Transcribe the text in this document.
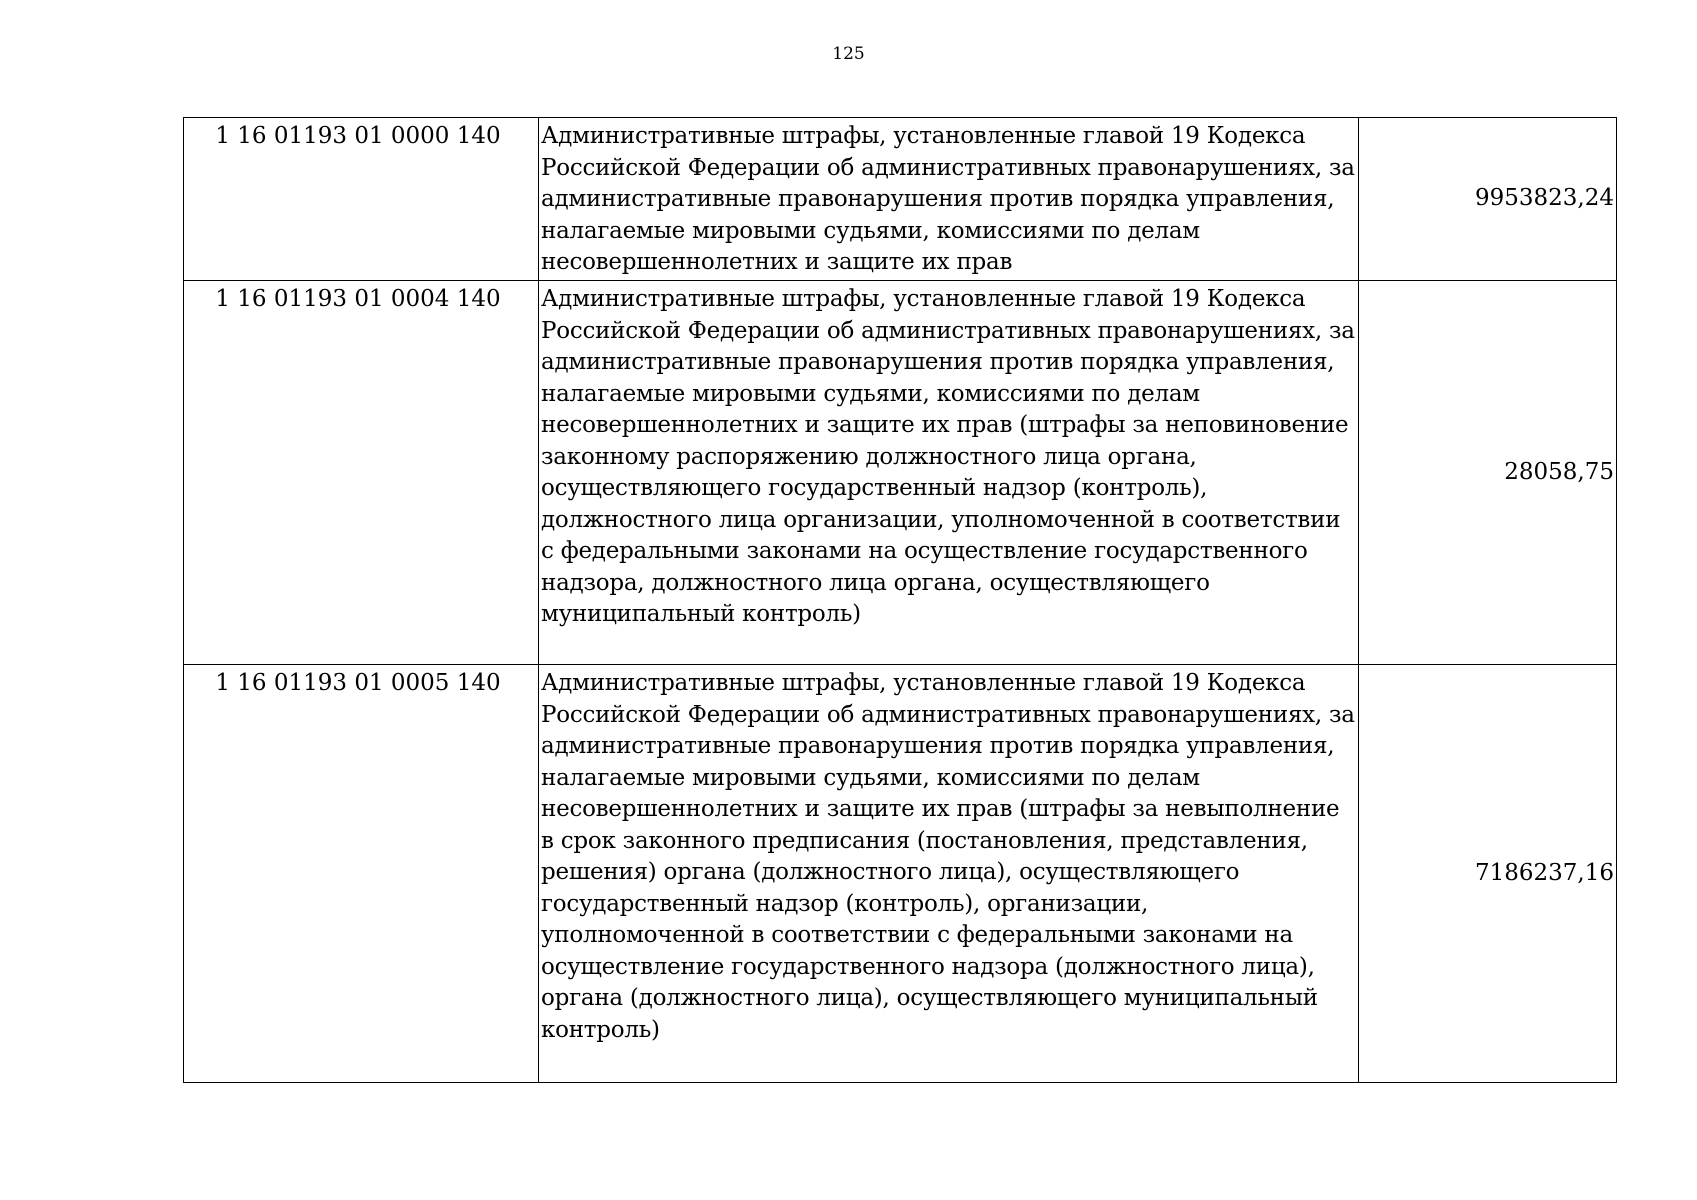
125
1 16 01193 01 0000 140	Административные штрафы, установленные главой 19 Кодекса Российской Федерации об административных правонарушениях, за административные правонарушения против порядка управления, налагаемые мировыми судьями, комиссиями по делам несовершеннолетних и защите их прав	9953823,24
1 16 01193 01 0004 140	Административные штрафы, установленные главой 19 Кодекса Российской Федерации об административных правонарушениях, за административные правонарушения против порядка управления, налагаемые мировыми судьями, комиссиями по делам несовершеннолетних и защите их прав (штрафы за неповиновение законному распоряжению должностного лица органа, осуществляющего государственный надзор (контроль), должностного лица организации, уполномоченной в соответствии с федеральными законами на осуществление государственного надзора, должностного лица органа, осуществляющего муниципальный контроль)	28058,75
1 16 01193 01 0005 140	Административные штрафы, установленные главой 19 Кодекса Российской Федерации об административных правонарушениях, за административные правонарушения против порядка управления, налагаемые мировыми судьями, комиссиями по делам несовершеннолетних и защите их прав (штрафы за невыполнение в срок законного предписания (постановления, представления, решения) органа (должностного лица), осуществляющего государственный надзор (контроль), организации, уполномоченной в соответствии с федеральными законами на осуществление государственного надзора (должностного лица), органа (должностного лица), осуществляющего муниципальный контроль)	7186237,16
